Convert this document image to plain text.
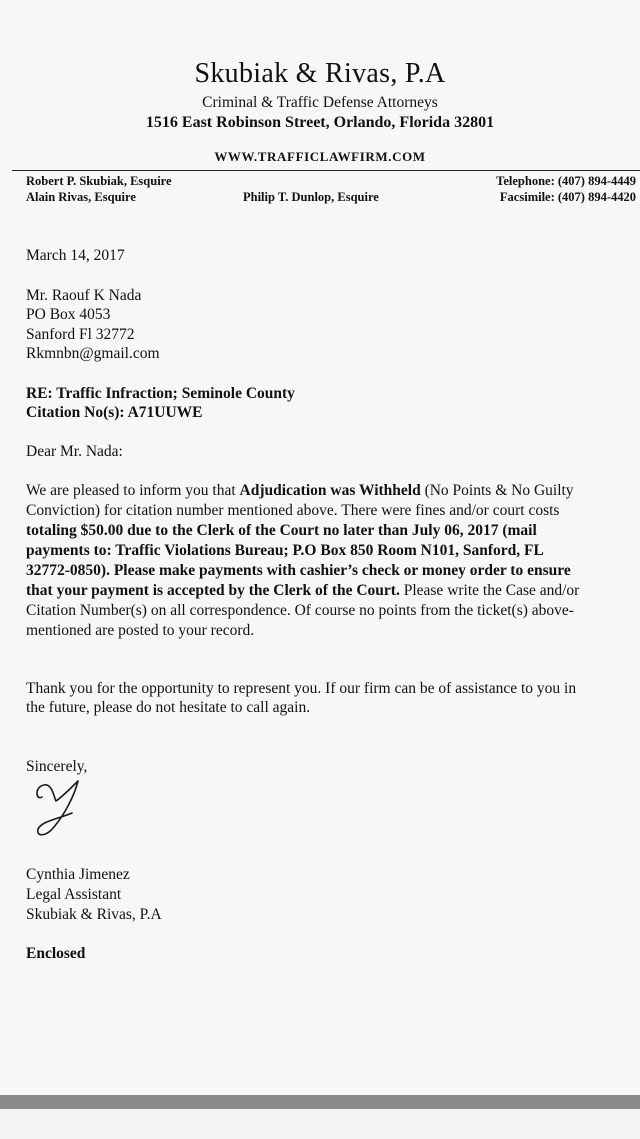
Skubiak & Rivas, P.A
Criminal & Traffic Defense Attorneys
1516 East Robinson Street, Orlando, Florida 32801
WWW.TRAFFICLAWFIRM.COM
Robert P. Skubiak, Esquire
Alain Rivas, Esquire	Philip T. Dunlop, Esquire
Telephone: (407) 894-4449
Facsimile: (407) 894-4420
March 14, 2017
Mr. Raouf K Nada
PO Box 4053
Sanford Fl 32772
Rkmnbn@gmail.com
RE: Traffic Infraction; Seminole County
Citation No(s): A71UUWE
Dear Mr. Nada:
We are pleased to inform you that Adjudication was Withheld (No Points & No Guilty
Conviction) for citation number mentioned above. There were fines and/or court costs
totaling $50.00 due to the Clerk of the Court no later than July 06, 2017 (mail
payments to: Traffic Violations Bureau; P.O Box 850 Room N101, Sanford, FL
32772-0850). Please make payments with cashier’s check or money order to ensure
that your payment is accepted by the Clerk of the Court. Please write the Case and/or
Citation Number(s) on all correspondence. Of course no points from the ticket(s) above-
mentioned are posted to your record.
Thank you for the opportunity to represent you. If our firm can be of assistance to you in
the future, please do not hesitate to call again.
Sincerely,
Cynthia Jimenez
Legal Assistant
Skubiak & Rivas, P.A
Enclosed
